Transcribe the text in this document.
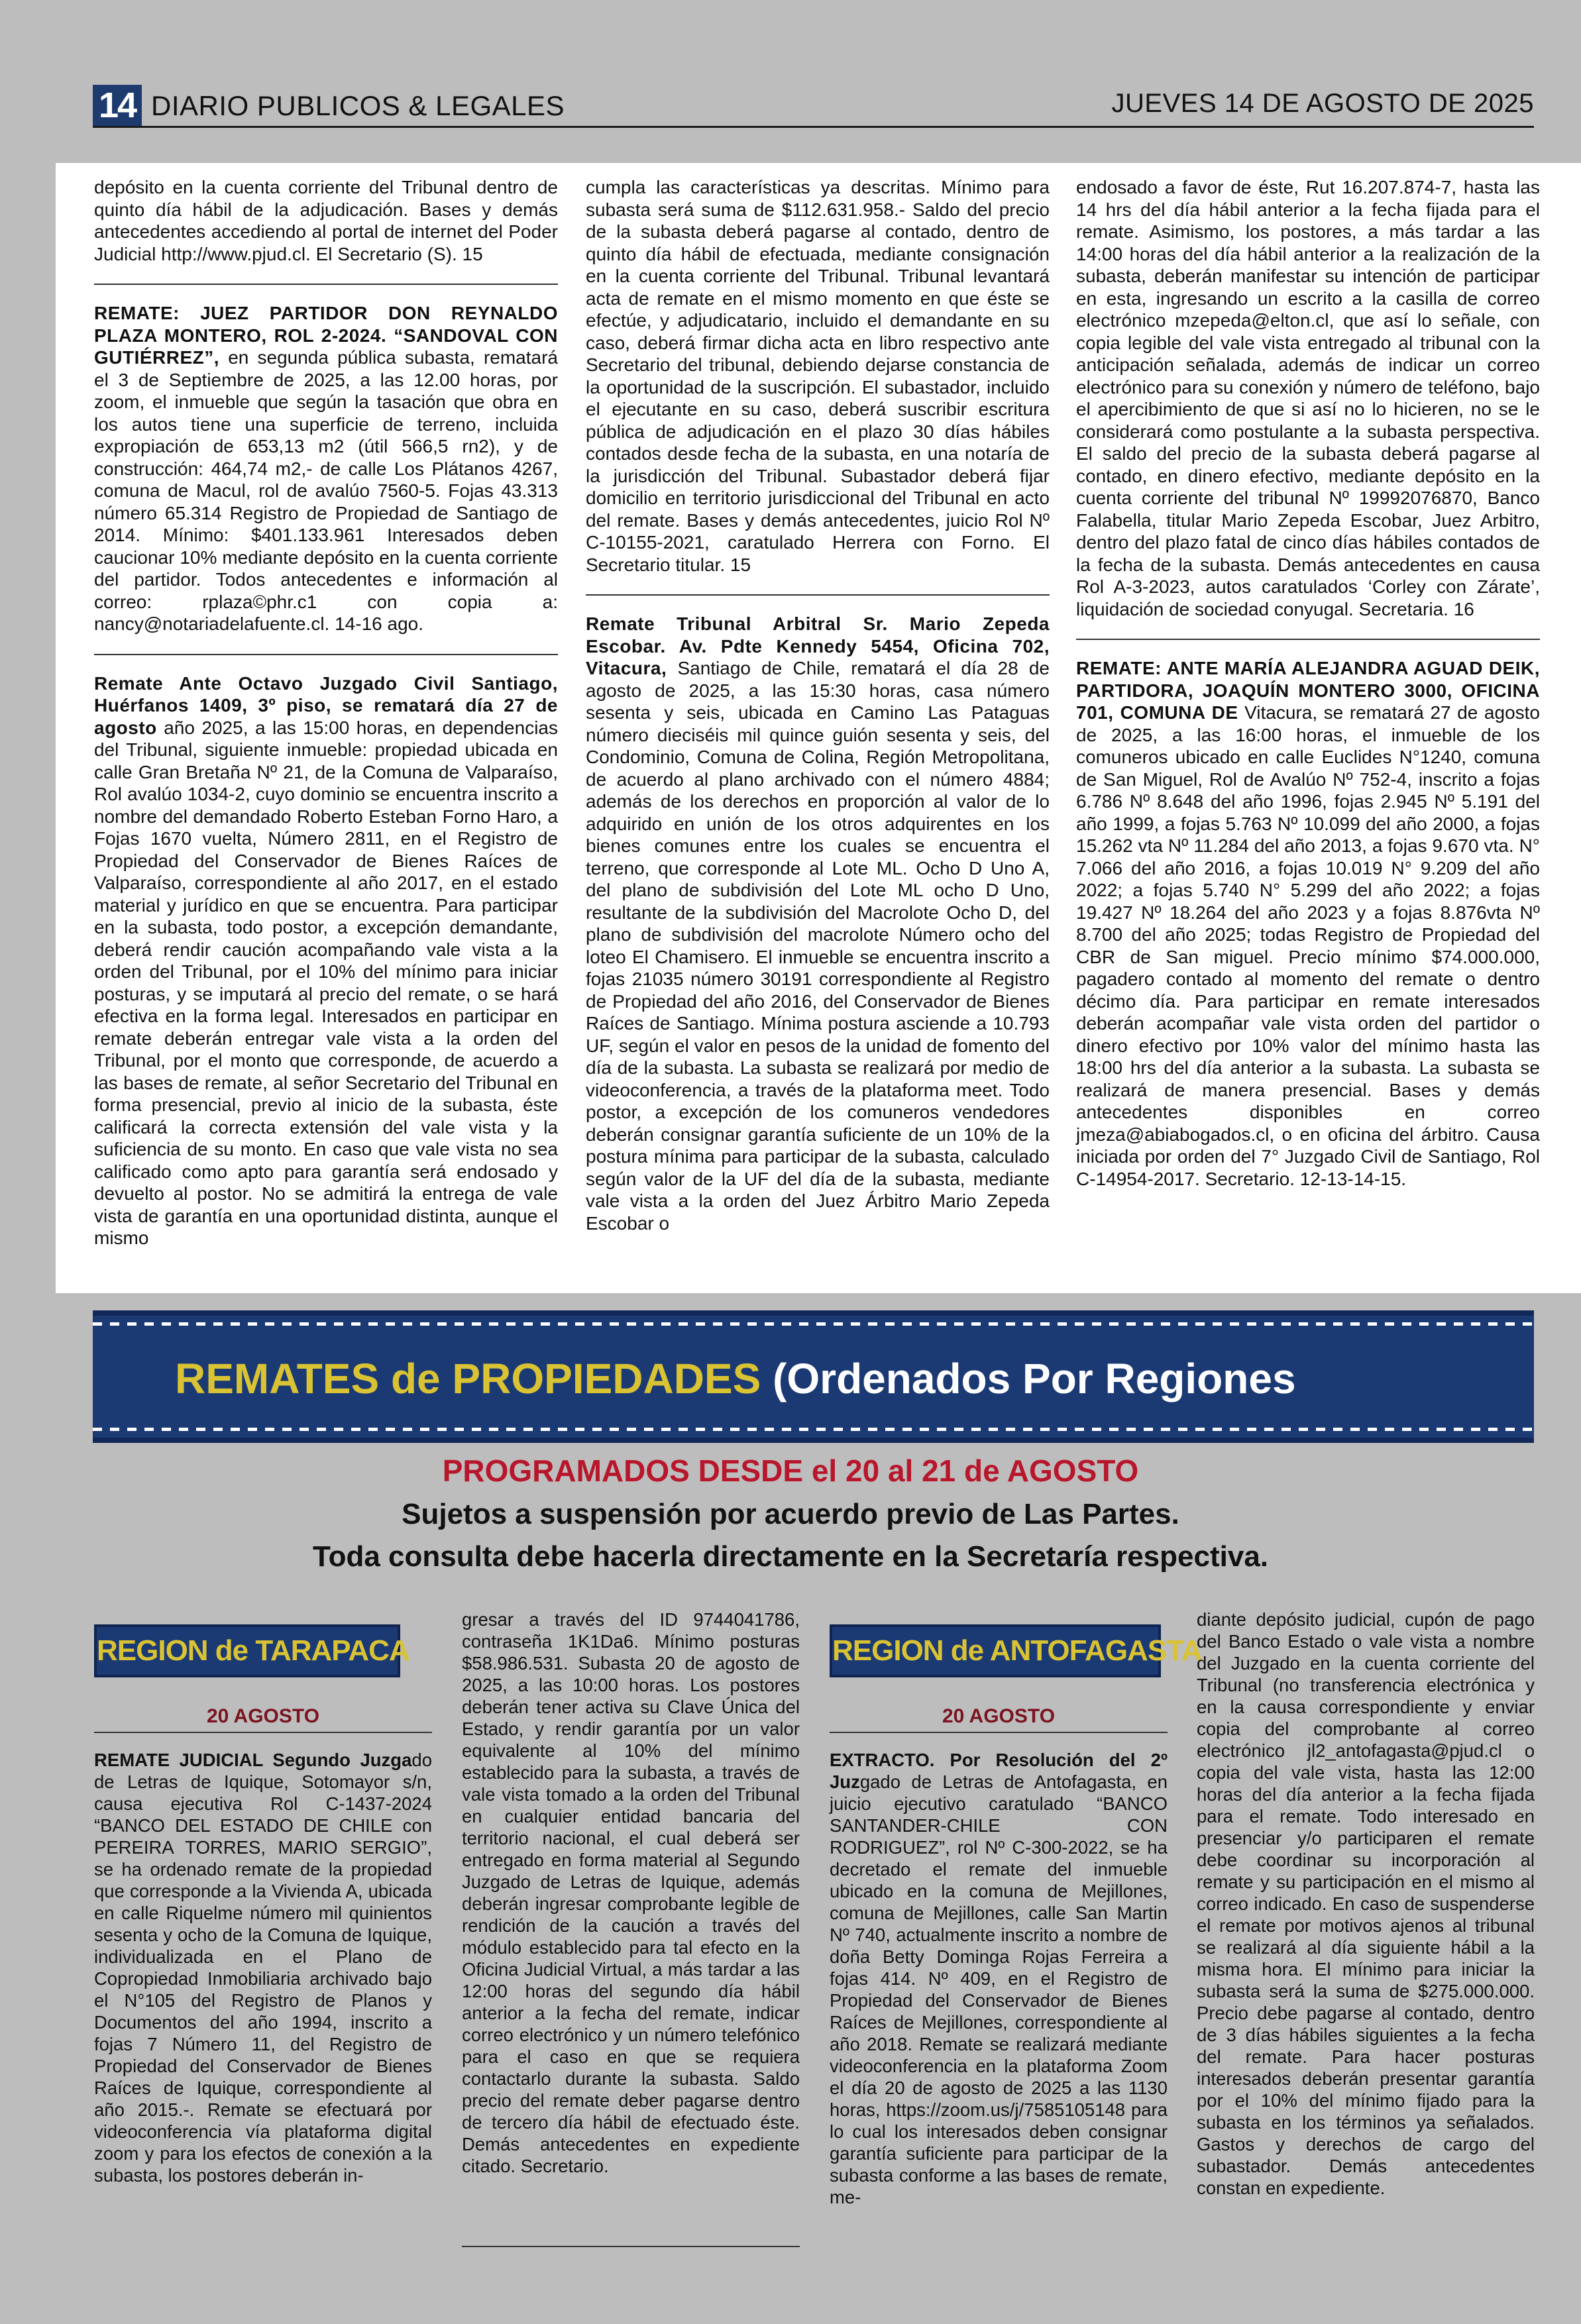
14 DIARIO PUBLICOS & LEGALES	JUEVES 14 DE AGOSTO DE 2025

depósito en la cuenta corriente del Tribunal dentro de quinto día hábil de la adjudicación. Bases y demás antecedentes accediendo al portal de internet del Poder Judicial http://www.pjud.cl. El Secretario (S). 15

REMATE: JUEZ PARTIDOR DON REYNALDO PLAZA MONTERO, ROL 2-2024. “SANDOVAL CON GUTIÉRREZ”, en segunda pública subasta, rematará el 3 de Septiembre de 2025, a las 12.00 horas, por zoom, el inmueble que según la tasación que obra en los autos tiene una superficie de terreno, incluida expropiación de 653,13 m2 (útil 566,5 rn2), y de construcción: 464,74 m2,- de calle Los Plátanos 4267, comuna de Macul, rol de avalúo 7560-5. Fojas 43.313 número 65.314 Registro de Propiedad de Santiago de 2014. Mínimo: $401.133.961 Interesados deben caucionar 10% mediante depósito en la cuenta corriente del partidor. Todos antecedentes e información al correo: rplaza©phr.c1 con copia a: nancy@notariadelafuente.cl. 14-16 ago.

Remate Ante Octavo Juzgado Civil Santiago, Huérfanos 1409, 3º piso, se rematará día 27 de agosto año 2025, a las 15:00 horas, en dependencias del Tribunal, siguiente inmueble: propiedad ubicada en calle Gran Bretaña Nº 21, de la Comuna de Valparaíso, Rol avalúo 1034-2, cuyo dominio se encuentra inscrito a nombre del demandado Roberto Esteban Forno Haro, a Fojas 1670 vuelta, Número 2811, en el Registro de Propiedad del Conservador de Bienes Raíces de Valparaíso, correspondiente al año 2017, en el estado material y jurídico en que se encuentra. Para participar en la subasta, todo postor, a excepción demandante, deberá rendir caución acompañando vale vista a la orden del Tribunal, por el 10% del mínimo para iniciar posturas, y se imputará al precio del remate, o se hará efectiva en la forma legal. Interesados en participar en remate deberán entregar vale vista a la orden del Tribunal, por el monto que corresponde, de acuerdo a las bases de remate, al señor Secretario del Tribunal en forma presencial, previo al inicio de la subasta, éste calificará la correcta extensión del vale vista y la suficiencia de su monto. En caso que vale vista no sea calificado como apto para garantía será endosado y devuelto al postor. No se admitirá la entrega de vale vista de garantía en una oportunidad distinta, aunque el mismo

cumpla las características ya descritas. Mínimo para subasta será suma de $112.631.958.- Saldo del precio de la subasta deberá pagarse al contado, dentro de quinto día hábil de efectuada, mediante consignación en la cuenta corriente del Tribunal. Tribunal levantará acta de remate en el mismo momento en que éste se efectúe, y adjudicatario, incluido el demandante en su caso, deberá firmar dicha acta en libro respectivo ante Secretario del tribunal, debiendo dejarse constancia de la oportunidad de la suscripción. El subastador, incluido el ejecutante en su caso, deberá suscribir escritura pública de adjudicación en el plazo 30 días hábiles contados desde fecha de la subasta, en una notaría de la jurisdicción del Tribunal. Subastador deberá fijar domicilio en territorio jurisdiccional del Tribunal en acto del remate. Bases y demás antecedentes, juicio Rol Nº C-10155-2021, caratulado Herrera con Forno. El Secretario titular. 15

Remate Tribunal Arbitral Sr. Mario Zepeda Escobar. Av. Pdte Kennedy 5454, Oficina 702, Vitacura, Santiago de Chile, rematará el día 28 de agosto de 2025, a las 15:30 horas, casa número sesenta y seis, ubicada en Camino Las Pataguas número dieciséis mil quince guión sesenta y seis, del Condominio, Comuna de Colina, Región Metropolitana, de acuerdo al plano archivado con el número 4884; además de los derechos en proporción al valor de lo adquirido en unión de los otros adquirentes en los bienes comunes entre los cuales se encuentra el terreno, que corresponde al Lote ML. Ocho D Uno A, del plano de subdivisión del Lote ML ocho D Uno, resultante de la subdivisión del Macrolote Ocho D, del plano de subdivisión del macrolote Número ocho del loteo El Chamisero. El inmueble se encuentra inscrito a fojas 21035 número 30191 correspondiente al Registro de Propiedad del año 2016, del Conservador de Bienes Raíces de Santiago. Mínima postura asciende a 10.793 UF, según el valor en pesos de la unidad de fomento del día de la subasta. La subasta se realizará por medio de videoconferencia, a través de la plataforma meet. Todo postor, a excepción de los comuneros vendedores deberán consignar garantía suficiente de un 10% de la postura mínima para participar de la subasta, calculado según valor de la UF del día de la subasta, mediante vale vista a la orden del Juez Árbitro Mario Zepeda Escobar o

endosado a favor de éste, Rut 16.207.874-7, hasta las 14 hrs del día hábil anterior a la fecha fijada para el remate. Asimismo, los postores, a más tardar a las 14:00 horas del día hábil anterior a la realización de la subasta, deberán manifestar su intención de participar en esta, ingresando un escrito a la casilla de correo electrónico mzepeda@elton.cl, que así lo señale, con copia legible del vale vista entregado al tribunal con la anticipación señalada, además de indicar un correo electrónico para su conexión y número de teléfono, bajo el apercibimiento de que si así no lo hicieren, no se le considerará como postulante a la subasta perspectiva. El saldo del precio de la subasta deberá pagarse al contado, en dinero efectivo, mediante depósito en la cuenta corriente del tribunal Nº 19992076870, Banco Falabella, titular Mario Zepeda Escobar, Juez Arbitro, dentro del plazo fatal de cinco días hábiles contados de la fecha de la subasta. Demás antecedentes en causa Rol A-3-2023, autos caratulados ‘Corley con Zárate’, liquidación de sociedad conyugal. Secretaria. 16

REMATE: ANTE MARÍA ALEJANDRA AGUAD DEIK, PARTIDORA, JOAQUÍN MONTERO 3000, OFICINA 701, COMUNA DE Vitacura, se rematará 27 de agosto de 2025, a las 16:00 horas, el inmueble de los comuneros ubicado en calle Euclides N°1240, comuna de San Miguel, Rol de Avalúo Nº 752-4, inscrito a fojas 6.786 Nº 8.648 del año 1996, fojas 2.945 Nº 5.191 del año 1999, a fojas 5.763 Nº 10.099 del año 2000, a fojas 15.262 vta Nº 11.284 del año 2013, a fojas 9.670 vta. N° 7.066 del año 2016, a fojas 10.019 N° 9.209 del año 2022; a fojas 5.740 N° 5.299 del año 2022; a fojas 19.427 Nº 18.264 del año 2023 y a fojas 8.876vta Nº 8.700 del año 2025; todas Registro de Propiedad del CBR de San miguel. Precio mínimo $74.000.000, pagadero contado al momento del remate o dentro décimo día. Para participar en remate interesados deberán acompañar vale vista orden del partidor o dinero efectivo por 10% valor del mínimo hasta las 18:00 hrs del día anterior a la subasta. La subasta se realizará de manera presencial. Bases y demás antecedentes disponibles en correo jmeza@abiabogados.cl, o en oficina del árbitro. Causa iniciada por orden del 7° Juzgado Civil de Santiago, Rol C-14954-2017. Secretario. 12-13-14-15.

REMATES de PROPIEDADES (Ordenados Por Regiones
PROGRAMADOS DESDE el 20 al 21 de AGOSTO
Sujetos a suspensión por acuerdo previo de Las Partes.
Toda consulta debe hacerla directamente en la Secretaría respectiva.
REGION de TARAPACA
20 AGOSTO

REMATE JUDICIAL Segundo Juzgado de Letras de Iquique, Sotomayor s/n, causa ejecutiva Rol C-1437-2024 “BANCO DEL ESTADO DE CHILE con PEREIRA TORRES, MARIO SERGIO”, se ha ordenado remate de la propiedad que corresponde a la Vivienda A, ubicada en calle Riquelme número mil quinientos sesenta y ocho de la Comuna de Iquique, individualizada en el Plano de Copropiedad Inmobiliaria archivado bajo el N°105 del Registro de Planos y Documentos del año 1994, inscrito a fojas 7 Número 11, del Registro de Propiedad del Conservador de Bienes Raíces de Iquique, correspondiente al año 2015.-. Remate se efectuará por videoconferencia vía plataforma digital zoom y para los efectos de conexión a la subasta, los postores deberán in-

gresar a través del ID 9744041786, contraseña 1K1Da6. Mínimo posturas $58.986.531. Subasta 20 de agosto de 2025, a las 10:00 horas. Los postores deberán tener activa su Clave Única del Estado, y rendir garantía por un valor equivalente al 10% del mínimo establecido para la subasta, a través de vale vista tomado a la orden del Tribunal en cualquier entidad bancaria del territorio nacional, el cual deberá ser entregado en forma material al Segundo Juzgado de Letras de Iquique, además deberán ingresar comprobante legible de rendición de la caución a través del módulo establecido para tal efecto en la Oficina Judicial Virtual, a más tardar a las 12:00 horas del segundo día hábil anterior a la fecha del remate, indicar correo electrónico y un número telefónico para el caso en que se requiera contactarlo durante la subasta. Saldo precio del remate deber pagarse dentro de tercero día hábil de efectuado éste. Demás antecedentes en expediente citado. Secretario.

REGION de ANTOFAGASTA
20 AGOSTO

EXTRACTO. Por Resolución del 2º Juzgado de Letras de Antofagasta, en juicio ejecutivo caratulado “BANCO SANTANDER-CHILE CON RODRIGUEZ”, rol Nº C-300-2022, se ha decretado el remate del inmueble ubicado en la comuna de Mejillones, comuna de Mejillones, calle San Martin Nº 740, actualmente inscrito a nombre de doña Betty Dominga Rojas Ferreira a fojas 414. Nº 409, en el Registro de Propiedad del Conservador de Bienes Raíces de Mejillones, correspondiente al año 2018. Remate se realizará mediante videoconferencia en la plataforma Zoom el día 20 de agosto de 2025 a las 1130 horas, https://zoom.us/j/7585105148 para lo cual los interesados deben consignar garantía suficiente para participar de la subasta conforme a las bases de remate, me-

diante depósito judicial, cupón de pago del Banco Estado o vale vista a nombre del Juzgado en la cuenta corriente del Tribunal (no transferencia electrónica y en la causa correspondiente y enviar copia del comprobante al correo electrónico jl2_antofagasta@pjud.cl o copia del vale vista, hasta las 12:00 horas del día anterior a la fecha fijada para el remate. Todo interesado en presenciar y/o participaren el remate debe coordinar su incorporación al remate y su participación en el mismo al correo indicado. En caso de suspenderse el remate por motivos ajenos al tribunal se realizará al día siguiente hábil a la misma hora. El mínimo para iniciar la subasta será la suma de $275.000.000. Precio debe pagarse al contado, dentro de 3 días hábiles siguientes a la fecha del remate. Para hacer posturas interesados deberán presentar garantía por el 10% del mínimo fijado para la subasta en los términos ya señalados. Gastos y derechos de cargo del subastador. Demás antecedentes constan en expediente.
